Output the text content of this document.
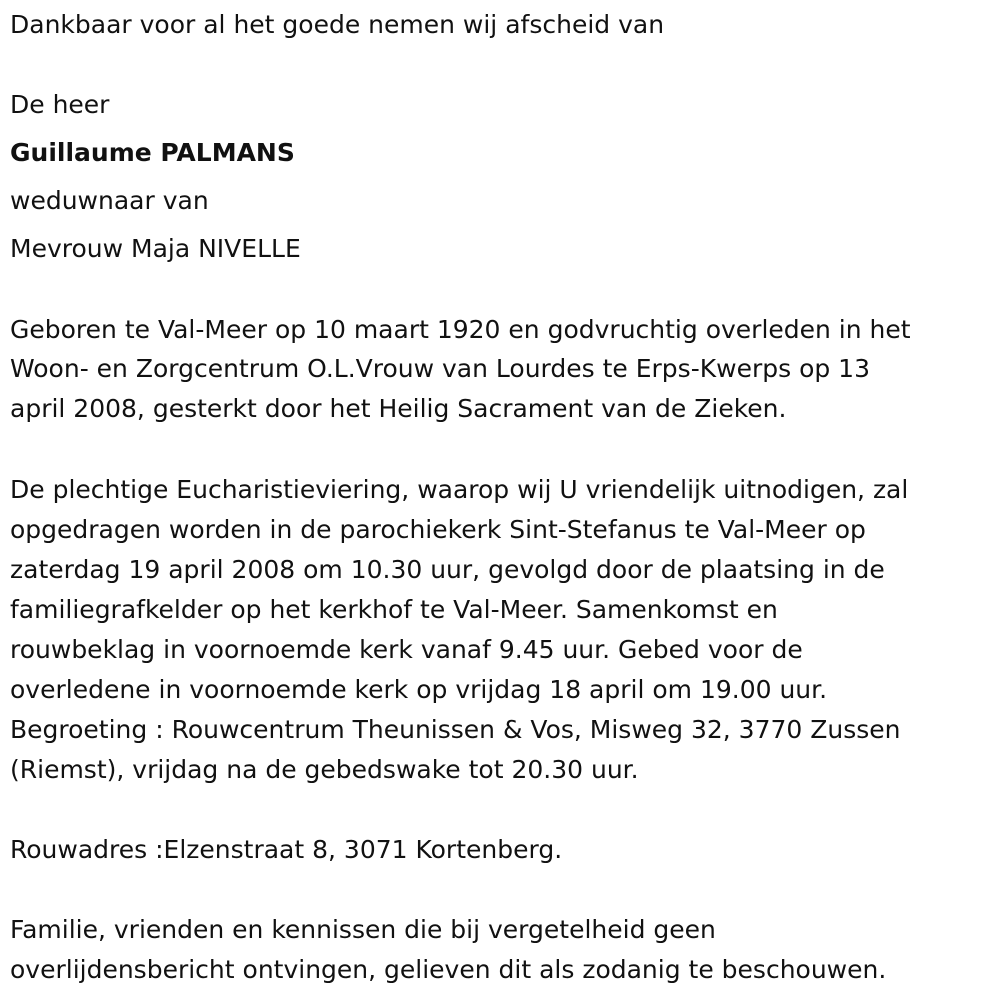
Dankbaar voor al het goede nemen wij afscheid van
De heer
Guillaume PALMANS
weduwnaar van
Mevrouw Maja NIVELLE
Geboren te Val-Meer op 10 maart 1920 en godvruchtig overleden in het
Woon- en Zorgcentrum O.L.Vrouw van Lourdes te Erps-Kwerps op 13
april 2008, gesterkt door het Heilig Sacrament van de Zieken.
De plechtige Eucharistieviering, waarop wij U vriendelijk uitnodigen, zal
opgedragen worden in de parochiekerk Sint-Stefanus te Val-Meer op
zaterdag 19 april 2008 om 10.30 uur, gevolgd door de plaatsing in de
familiegrafkelder op het kerkhof te Val-Meer. Samenkomst en
rouwbeklag in voornoemde kerk vanaf 9.45 uur. Gebed voor de
overledene in voornoemde kerk op vrijdag 18 april om 19.00 uur.
Begroeting : Rouwcentrum Theunissen & Vos, Misweg 32, 3770 Zussen
(Riemst), vrijdag na de gebedswake tot 20.30 uur.
Rouwadres :Elzenstraat 8, 3071 Kortenberg.
Familie, vrienden en kennissen die bij vergetelheid geen
overlijdensbericht ontvingen, gelieven dit als zodanig te beschouwen.
